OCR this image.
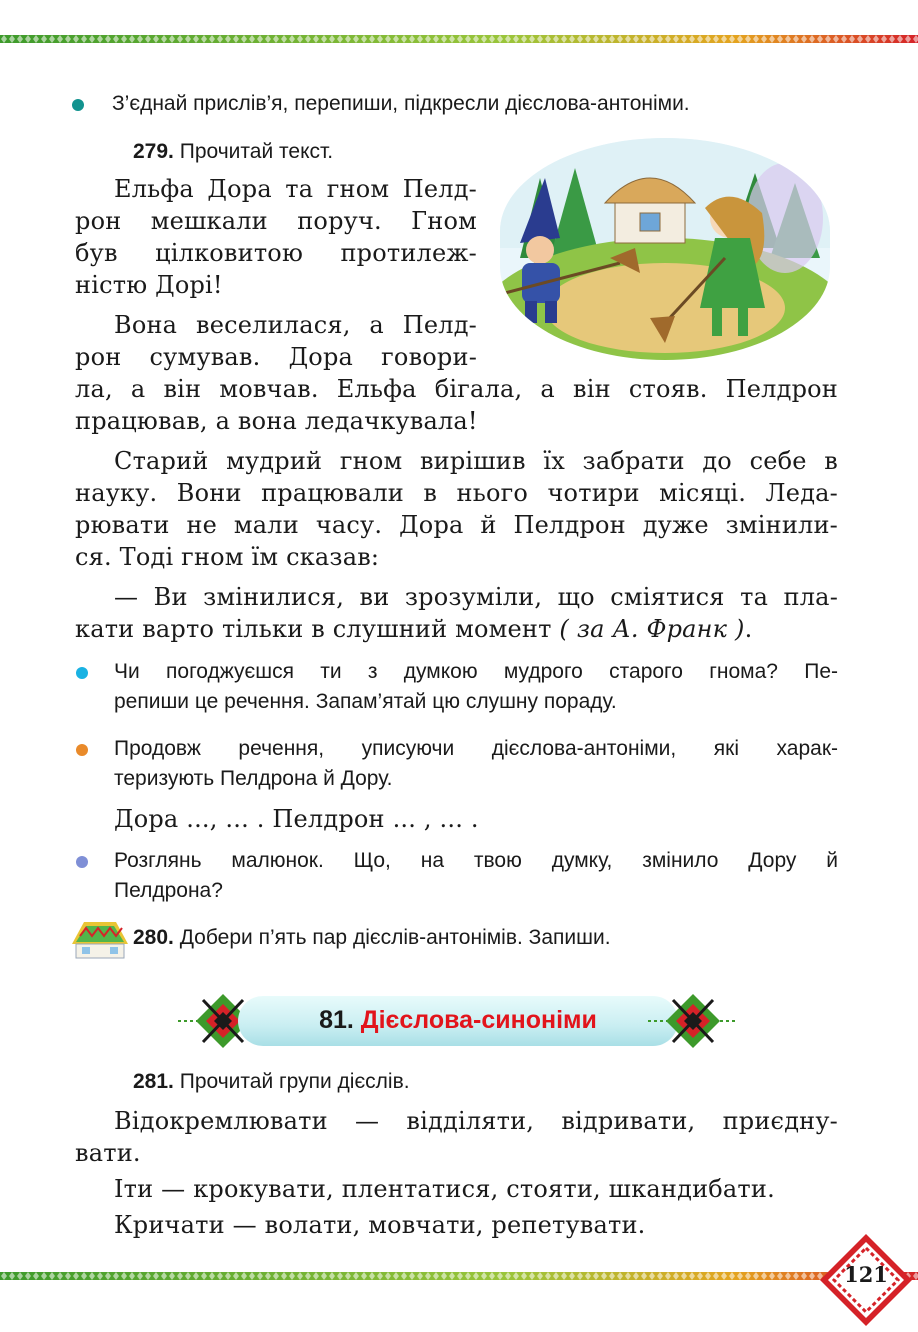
З’єднай прислів’я, перепиши, підкресли дієслова-антоніми.
279. Прочитай текст.
Ельфа Дора та гном Пелд-
рон мешкали поруч. Гном
був цілковитою протилеж-
ністю Дорі!
Вона веселилася, а Пелд-
рон сумував. Дора говори-
ла, а він мовчав. Ельфа бігала, а він стояв. Пелдрон
працював, а вона ледачкувала!
Старий мудрий гном вирішив їх забрати до себе в
науку. Вони працювали в нього чотири місяці. Леда-
рювати не мали часу. Дора й Пелдрон дуже змінили-
ся. Тоді гном їм сказав:
— Ви змінилися, ви зрозуміли, що сміятися та пла-
кати варто тільки в слушний момент ( за А. Франк ).
Чи погоджуєшся ти з думкою мудрого старого гнома? Пе-
репиши це речення. Запам’ятай цю слушну пораду.
Продовж речення, уписуючи дієслова-антоніми, які харак-
теризують Пелдрона й Дору.
Дора ..., ... . Пелдрон ... , ... .
Розглянь малюнок. Що, на твою думку, змінило Дору й
Пелдрона?
280. Добери п’ять пар дієслів-антонімів. Запиши.
81. Дієслова-синоніми
281. Прочитай групи дієслів.
Відокремлювати — відділяти, відривати, приєдну-
вати.
Іти — крокувати, плентатися, стояти, шкандибати.
Кричати — волати, мовчати, репетувати.
121
